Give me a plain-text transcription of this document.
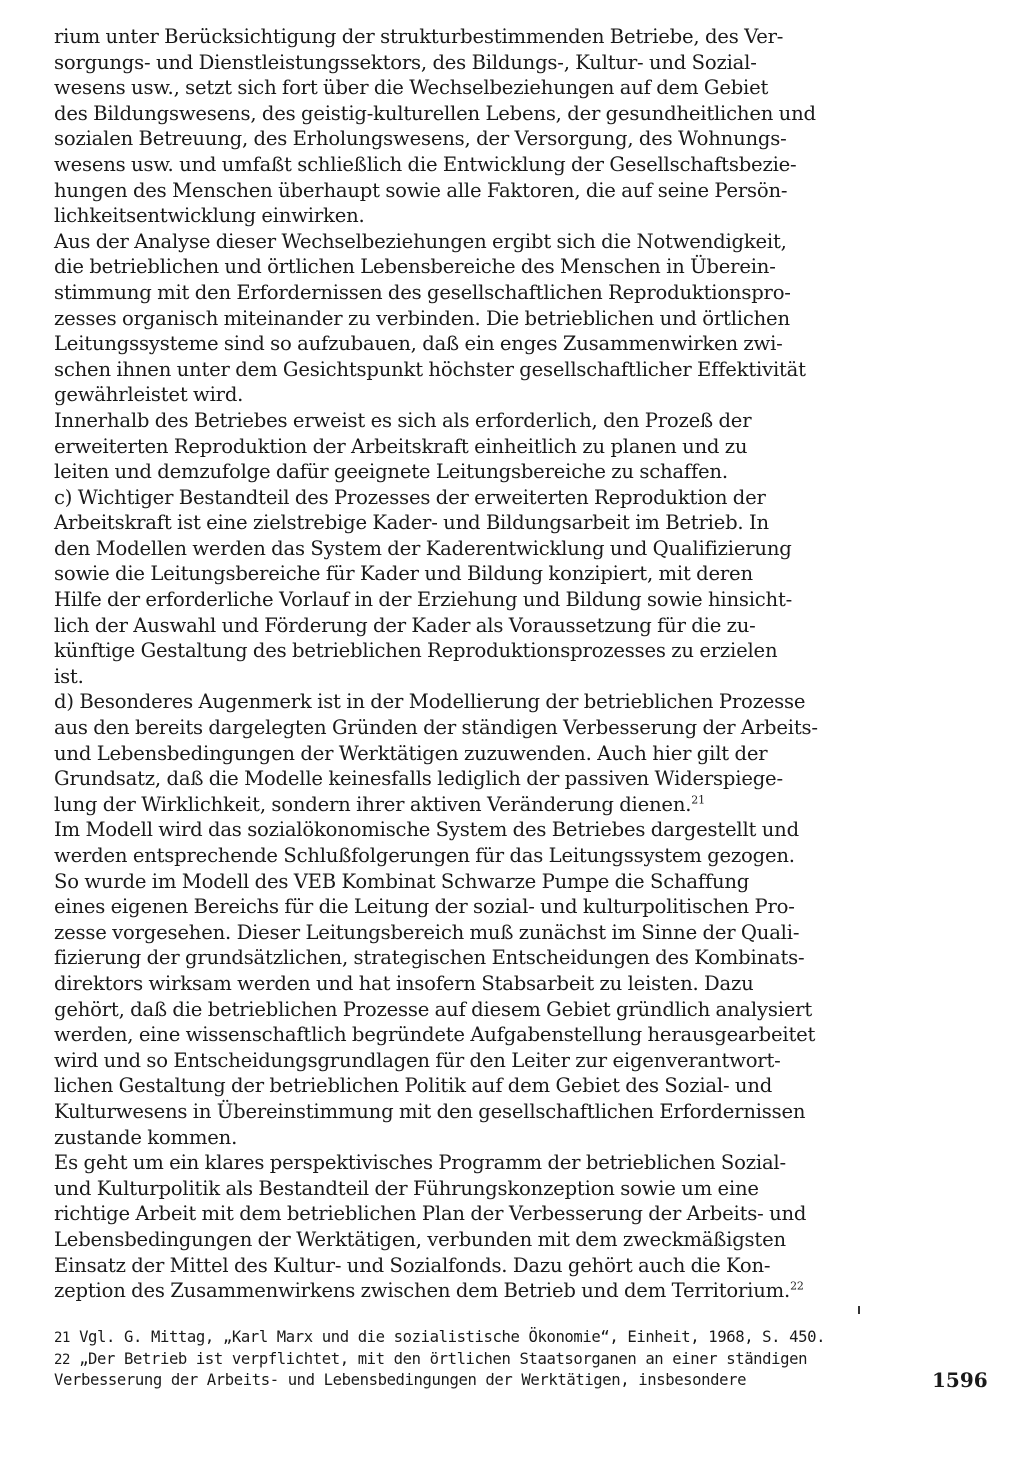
rium unter Berücksichtigung der strukturbestimmenden Betriebe, des Ver-
sorgungs- und Dienstleistungssektors, des Bildungs-, Kultur- und Sozial-
wesens usw., setzt sich fort über die Wechselbeziehungen auf dem Gebiet
des Bildungswesens, des geistig-kulturellen Lebens, der gesundheitlichen und
sozialen Betreuung, des Erholungswesens, der Versorgung, des Wohnungs-
wesens usw. und umfaßt schließlich die Entwicklung der Gesellschaftsbezie-
hungen des Menschen überhaupt sowie alle Faktoren, die auf seine Persön-
lichkeitsentwicklung einwirken.

Aus der Analyse dieser Wechselbeziehungen ergibt sich die Notwendigkeit,
die betrieblichen und örtlichen Lebensbereiche des Menschen in Überein-
stimmung mit den Erfordernissen des gesellschaftlichen Reproduktionspro-
zesses organisch miteinander zu verbinden. Die betrieblichen und örtlichen
Leitungssysteme sind so aufzubauen, daß ein enges Zusammenwirken zwi-
schen ihnen unter dem Gesichtspunkt höchster gesellschaftlicher Effektivität
gewährleistet wird.

Innerhalb des Betriebes erweist es sich als erforderlich, den Prozeß der
erweiterten Reproduktion der Arbeitskraft einheitlich zu planen und zu
leiten und demzufolge dafür geeignete Leitungsbereiche zu schaffen.

c) Wichtiger Bestandteil des Prozesses der erweiterten Reproduktion der
Arbeitskraft ist eine zielstrebige Kader- und Bildungsarbeit im Betrieb. In
den Modellen werden das System der Kaderentwicklung und Qualifizierung
sowie die Leitungsbereiche für Kader und Bildung konzipiert, mit deren
Hilfe der erforderliche Vorlauf in der Erziehung und Bildung sowie hinsicht-
lich der Auswahl und Förderung der Kader als Voraussetzung für die zu-
künftige Gestaltung des betrieblichen Reproduktionsprozesses zu erzielen
ist.

d) Besonderes Augenmerk ist in der Modellierung der betrieblichen Prozesse
aus den bereits dargelegten Gründen der ständigen Verbesserung der Arbeits-
und Lebensbedingungen der Werktätigen zuzuwenden. Auch hier gilt der
Grundsatz, daß die Modelle keinesfalls lediglich der passiven Widerspiege-
lung der Wirklichkeit, sondern ihrer aktiven Veränderung dienen.$^{21}$

Im Modell wird das sozialökonomische System des Betriebes dargestellt und
werden entsprechende Schlußfolgerungen für das Leitungssystem gezogen.
So wurde im Modell des VEB Kombinat Schwarze Pumpe die Schaffung
eines eigenen Bereichs für die Leitung der sozial- und kulturpolitischen Pro-
zesse vorgesehen. Dieser Leitungsbereich muß zunächst im Sinne der Quali-
fizierung der grundsätzlichen, strategischen Entscheidungen des Kombinats-
direktors wirksam werden und hat insofern Stabsarbeit zu leisten. Dazu
gehört, daß die betrieblichen Prozesse auf diesem Gebiet gründlich analysiert
werden, eine wissenschaftlich begründete Aufgabenstellung herausgearbeitet
wird und so Entscheidungsgrundlagen für den Leiter zur eigenverantwort-
lichen Gestaltung der betrieblichen Politik auf dem Gebiet des Sozial- und
Kulturwesens in Übereinstimmung mit den gesellschaftlichen Erfordernissen
zustande kommen.

Es geht um ein klares perspektivisches Programm der betrieblichen Sozial-
und Kulturpolitik als Bestandteil der Führungskonzeption sowie um eine
richtige Arbeit mit dem betrieblichen Plan der Verbesserung der Arbeits- und
Lebensbedingungen der Werktätigen, verbunden mit dem zweckmäßigsten
Einsatz der Mittel des Kultur- und Sozialfonds. Dazu gehört auch die Kon-
zeption des Zusammenwirkens zwischen dem Betrieb und dem Territorium.$^{22}$

21 Vgl. G. Mittag, „Karl Marx und die sozialistische Ökonomie“, Einheit, 1968, S. 450.

22 „Der Betrieb ist verpflichtet, mit den örtlichen Staatsorganen an einer ständigen
Verbesserung der Arbeits- und Lebensbedingungen der Werktätigen, insbesondere	1596
